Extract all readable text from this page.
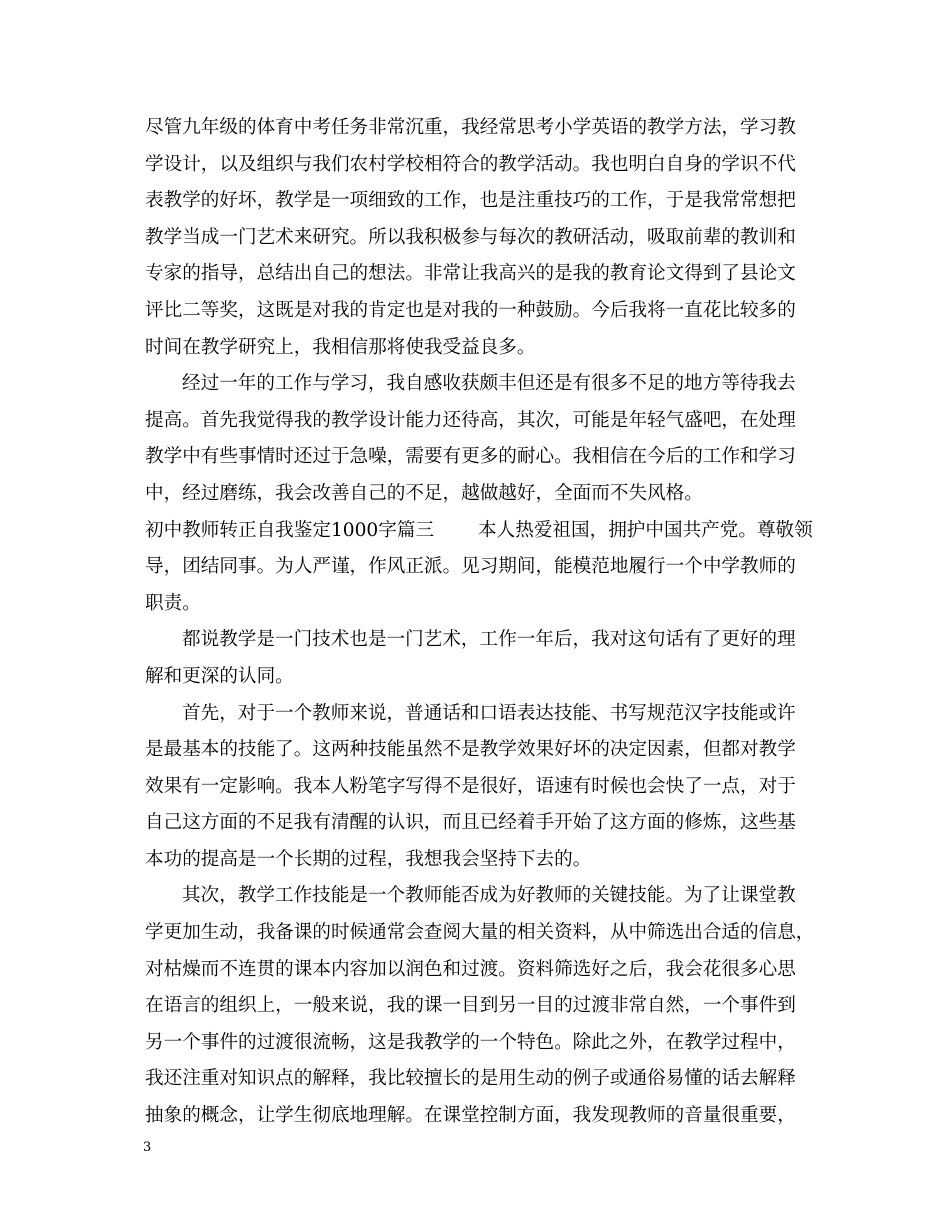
尽管九年级的体育中考任务非常沉重，我经常思考小学英语的教学方法，学习教
学设计，以及组织与我们农村学校相符合的教学活动。我也明白自身的学识不代
表教学的好坏，教学是一项细致的工作，也是注重技巧的工作，于是我常常想把
教学当成一门艺术来研究。所以我积极参与每次的教研活动，吸取前辈的教训和
专家的指导，总结出自己的想法。非常让我高兴的是我的教育论文得到了县论文
评比二等奖，这既是对我的肯定也是对我的一种鼓励。今后我将一直花比较多的
时间在教学研究上，我相信那将使我受益良多。
经过一年的工作与学习，我自感收获颇丰但还是有很多不足的地方等待我去
提高。首先我觉得我的教学设计能力还待高，其次，可能是年轻气盛吧，在处理
教学中有些事情时还过于急噪，需要有更多的耐心。我相信在今后的工作和学习
中，经过磨练，我会改善自己的不足，越做越好，全面而不失风格。
初中教师转正自我鉴定1000字篇三 本人热爱祖国，拥护中国共产党。尊敬领
导，团结同事。为人严谨，作风正派。见习期间，能模范地履行一个中学教师的
职责。
都说教学是一门技术也是一门艺术，工作一年后，我对这句话有了更好的理
解和更深的认同。
首先，对于一个教师来说，普通话和口语表达技能、书写规范汉字技能或许
是最基本的技能了。这两种技能虽然不是教学效果好坏的决定因素，但都对教学
效果有一定影响。我本人粉笔字写得不是很好，语速有时候也会快了一点，对于
自己这方面的不足我有清醒的认识，而且已经着手开始了这方面的修炼，这些基
本功的提高是一个长期的过程，我想我会坚持下去的。
其次，教学工作技能是一个教师能否成为好教师的关键技能。为了让课堂教
学更加生动，我备课的时候通常会查阅大量的相关资料，从中筛选出合适的信息，
对枯燥而不连贯的课本内容加以润色和过渡。资料筛选好之后，我会花很多心思
在语言的组织上，一般来说，我的课一目到另一目的过渡非常自然，一个事件到
另一个事件的过渡很流畅，这是我教学的一个特色。除此之外，在教学过程中，
我还注重对知识点的解释，我比较擅长的是用生动的例子或通俗易懂的话去解释
抽象的概念，让学生彻底地理解。在课堂控制方面，我发现教师的音量很重要，
3
